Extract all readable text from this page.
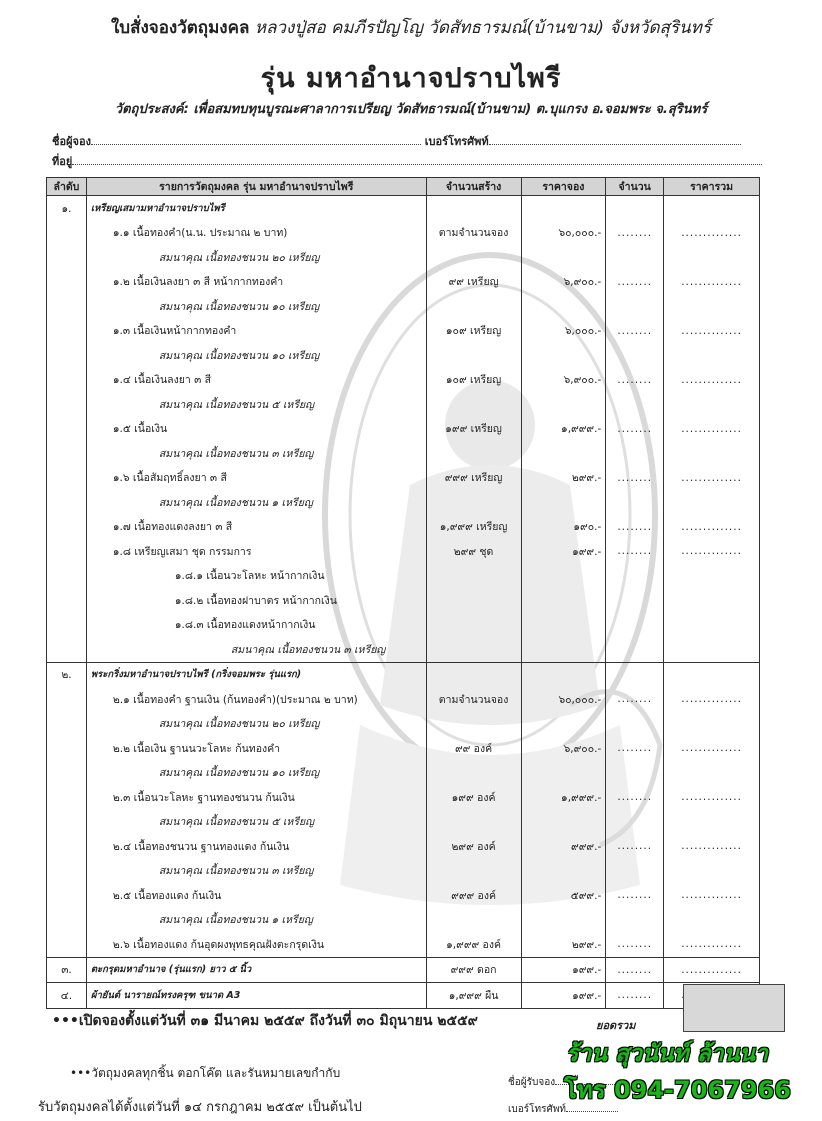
ใบสั่งจองวัตถุมงคล หลวงปู่สอ คมภีรปัญโญ วัดสัทธารมณ์(บ้านขาม) จังหวัดสุรินทร์
รุ่น มหาอำนาจปราบไพรี
วัตถุประสงค์: เพื่อสมทบทุนบูรณะศาลาการเปรียญ วัดสัทธารมณ์(บ้านขาม) ต.บุแกรง อ.จอมพระ จ.สุรินทร์
ชื่อผู้จอง	เบอร์โทรศัพท์
ที่อยู่
ลำดับ	รายการวัตถุมงคล รุ่น มหาอำนาจปราบไพรี	จำนวนสร้าง	ราคาจอง	จำนวน	ราคารวม
๑.	เหรียญเสมามหาอำนาจปราบไพรี				
	๑.๑ เนื้อทองคำ(น.น. ประมาณ ๒ บาท)	ตามจำนวนจอง	๖๐,๐๐๐.-	........	..............
	สมนาคุณ เนื้อทองชนวน ๒๐ เหรียญ				
	๑.๒ เนื้อเงินลงยา ๓ สี หน้ากากทองคำ	๙๙ เหรียญ	๖,๙๐๐.-	........	..............
	สมนาคุณ เนื้อทองชนวน ๑๐ เหรียญ				
	๑.๓ เนื้อเงินหน้ากากทองคำ	๑๐๙ เหรียญ	๖,๐๐๐.-	........	..............
	สมนาคุณ เนื้อทองชนวน ๑๐ เหรียญ				
	๑.๔ เนื้อเงินลงยา ๓ สี	๑๐๙ เหรียญ	๖,๙๐๐.-	........	..............
	สมนาคุณ เนื้อทองชนวน ๕ เหรียญ				
	๑.๕ เนื้อเงิน	๑๙๙ เหรียญ	๑,๙๙๙.-	........	..............
	สมนาคุณ เนื้อทองชนวน ๓ เหรียญ				
	๑.๖ เนื้อสัมฤทธิ์ลงยา ๓ สี	๙๙๙ เหรียญ	๒๙๙.-	........	..............
	สมนาคุณ เนื้อทองชนวน ๑ เหรียญ				
	๑.๗ เนื้อทองแดงลงยา ๓ สี	๑,๙๙๙ เหรียญ	๑๙๐.-	........	..............
	๑.๘ เหรียญเสมา ชุด กรรมการ	๒๙๙ ชุด	๑๙๙.-	........	..............
	๑.๘.๑ เนื้อนวะโลหะ หน้ากากเงิน				
	๑.๘.๒ เนื้อทองฝาบาตร หน้ากากเงิน				
	๑.๘.๓ เนื้อทองแดงหน้ากากเงิน				
	สมนาคุณ เนื้อทองชนวน ๓ เหรียญ				
๒.	พระกริ่งมหาอำนาจปราบไพรี (กริ่งจอมพระ รุ่นแรก)				
	๒.๑ เนื้อทองคำ ฐานเงิน (ก้นทองคำ)(ประมาณ ๒ บาท)	ตามจำนวนจอง	๖๐,๐๐๐.-	........	..............
	สมนาคุณ เนื้อทองชนวน ๒๐ เหรียญ				
	๒.๒ เนื้อเงิน ฐานนวะโลหะ ก้นทองคำ	๙๙ องค์	๖,๙๐๐.-	........	..............
	สมนาคุณ เนื้อทองชนวน ๑๐ เหรียญ				
	๒.๓ เนื้อนวะโลหะ ฐานทองชนวน ก้นเงิน	๑๙๙ องค์	๑,๙๙๙.-	........	..............
	สมนาคุณ เนื้อทองชนวน ๕ เหรียญ				
	๒.๔ เนื้อทองชนวน ฐานทองแดง ก้นเงิน	๒๙๙ องค์	๙๙๙.-	........	..............
	สมนาคุณ เนื้อทองชนวน ๓ เหรียญ				
	๒.๕ เนื้อทองแดง ก้นเงิน	๙๙๙ องค์	๕๙๙.-	........	..............
	สมนาคุณ เนื้อทองชนวน ๑ เหรียญ				
	๒.๖ เนื้อทองแดง ก้นอุดผงพุทธคุณฝังตะกรุดเงิน	๑,๙๙๙ องค์	๒๙๙.-	........	..............
๓.	ตะกรุดมหาอำนาจ (รุ่นแรก) ยาว ๕ นิ้ว	๙๙๙ ดอก	๑๙๙.-	........	..............
๔.	ผ้ายันต์ นารายณ์ทรงครุฑ ขนาด A3	๑,๙๙๙ ผืน	๑๙๙.-	........	
•••เปิดจองตั้งแต่วันที่ ๓๑ มีนาคม ๒๕๕๙ ถึงวันที่ ๓๐ มิถุนายน ๒๕๕๙	ยอดรวม
•••วัตถุมงคลทุกชิ้น ตอกโค๊ต และรันหมายเลขกำกับ
รับวัตถุมงคลได้ตั้งแต่วันที่ ๑๔ กรกฎาคม ๒๕๕๙ เป็นต้นไป
ชื่อผู้รับจอง
เบอร์โทรศัพท์
ร้าน สุวนันท์ ล้านนา
โทร 094-7067966
